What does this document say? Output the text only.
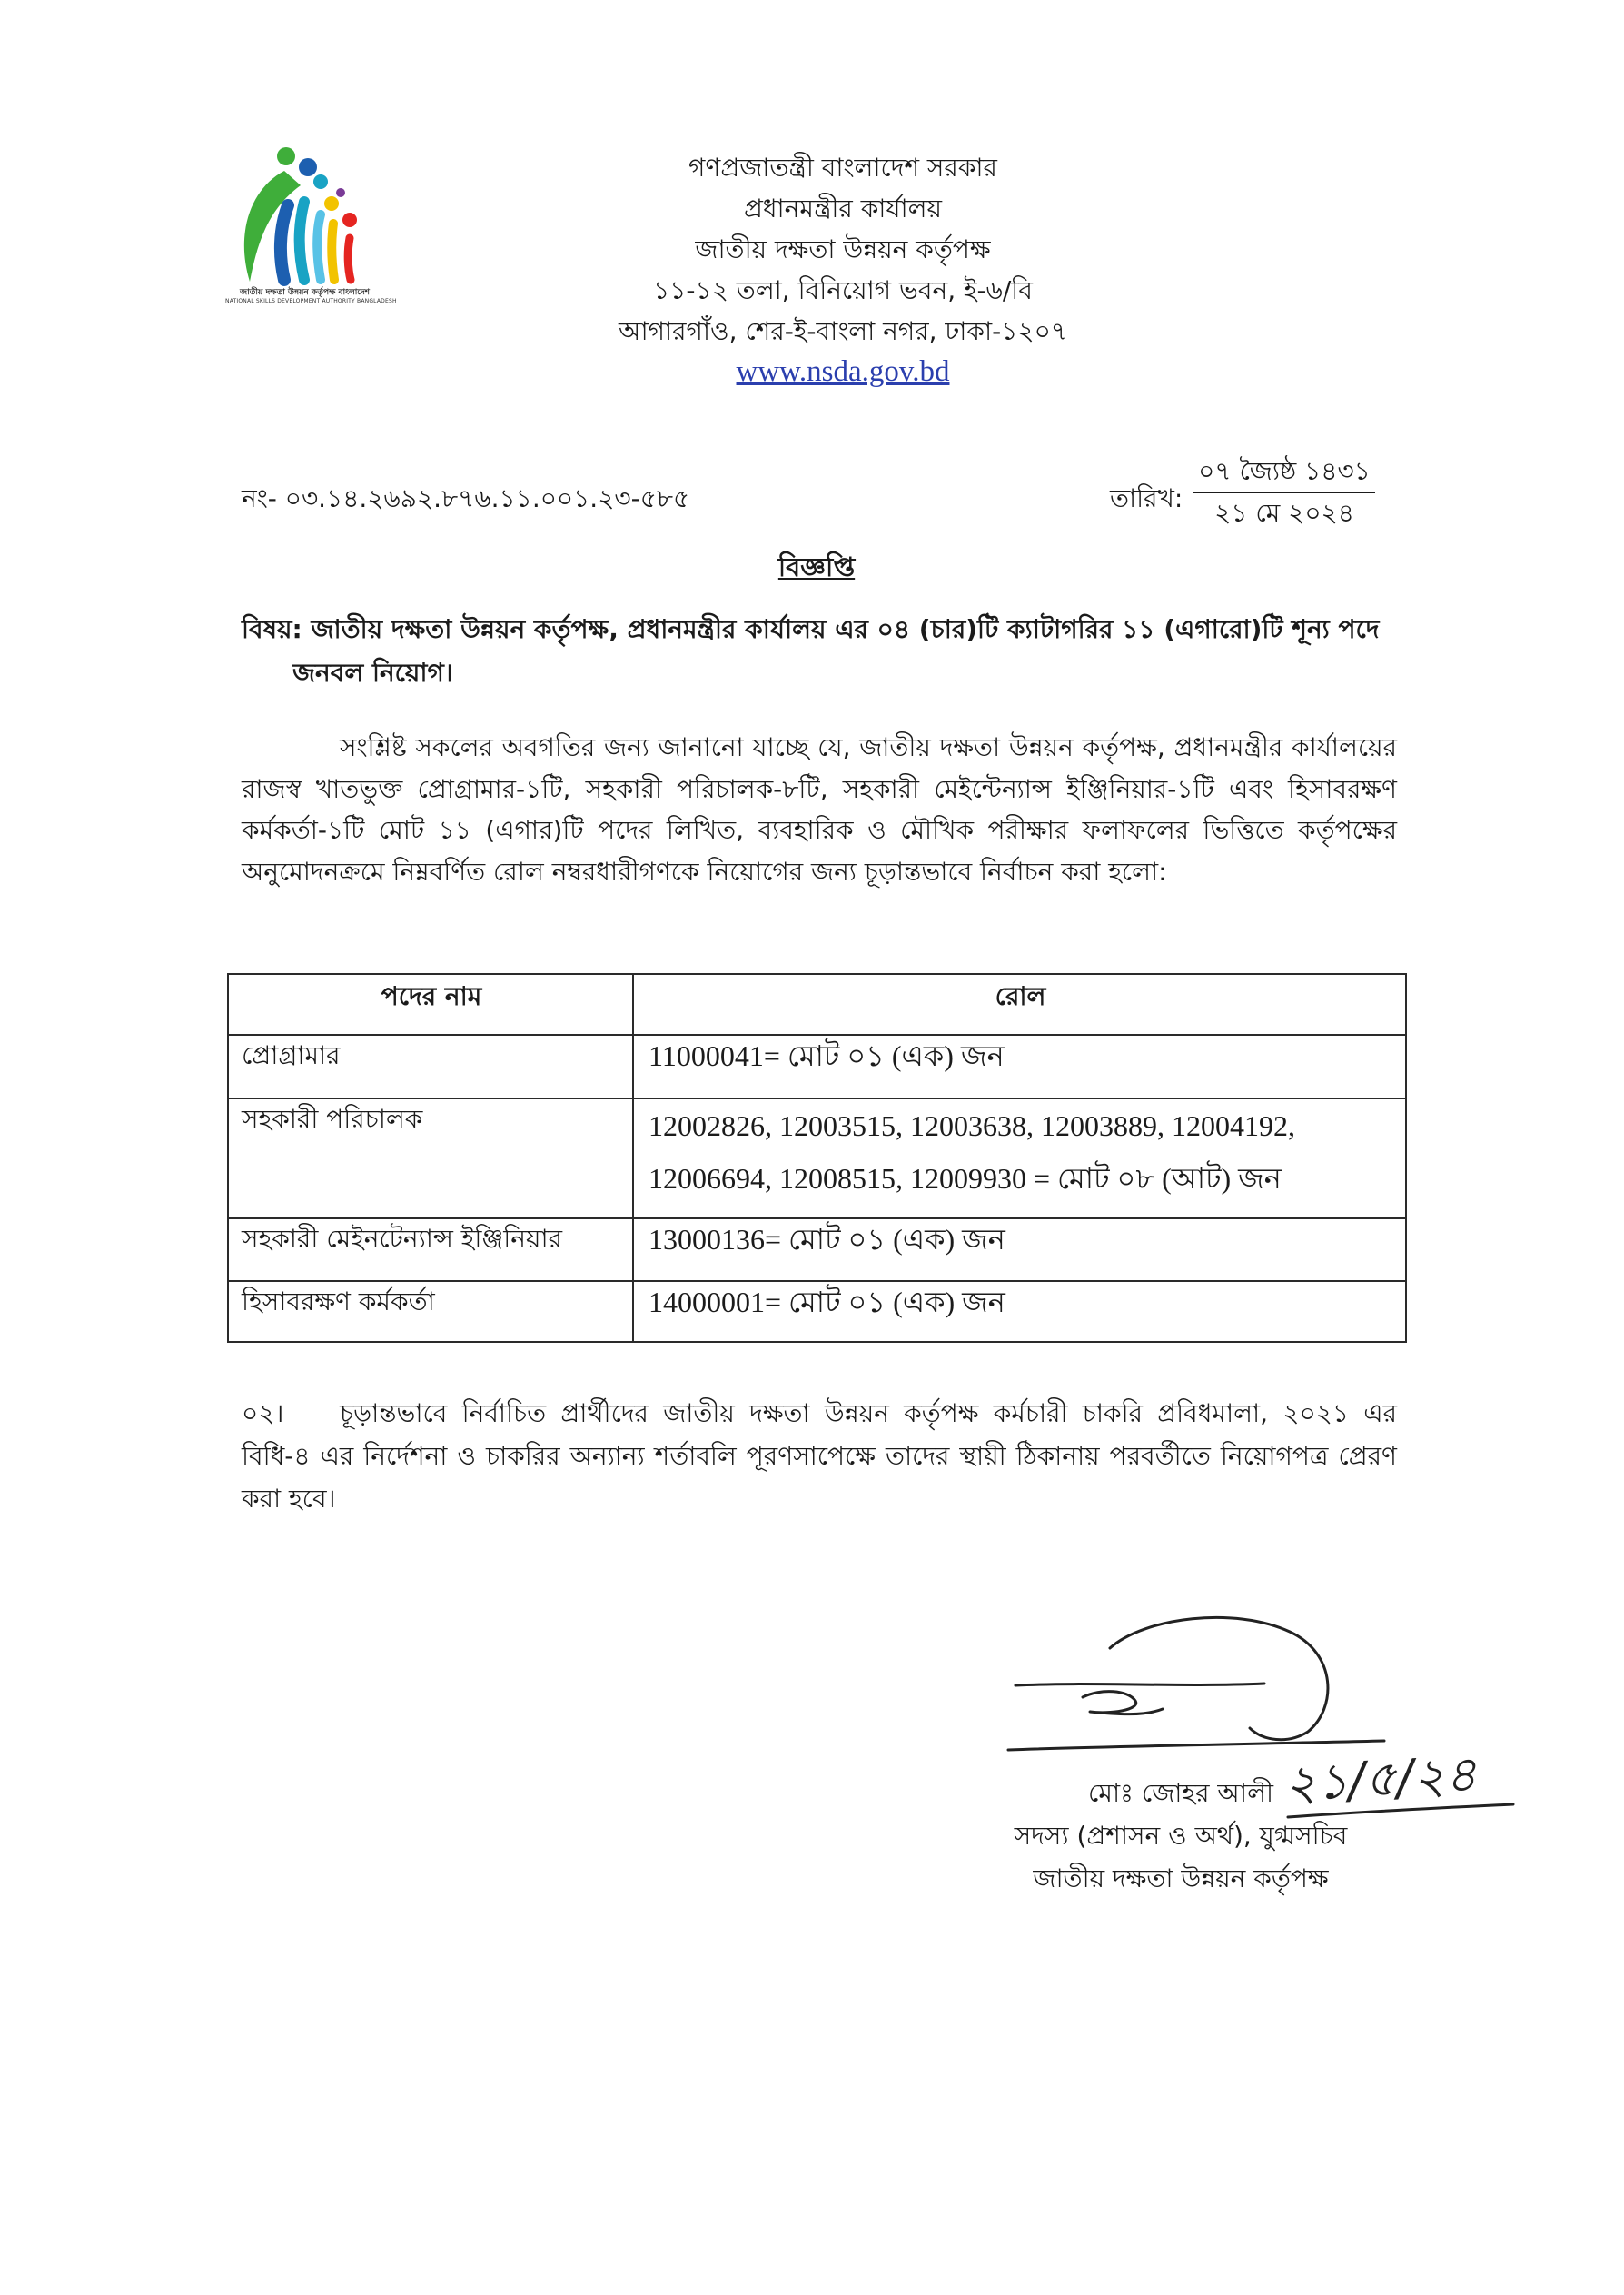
জাতীয় দক্ষতা উন্নয়ন কর্তৃপক্ষ বাংলাদেশ
NATIONAL SKILLS DEVELOPMENT AUTHORITY BANGLADESH
গণপ্রজাতন্ত্রী বাংলাদেশ সরকার
প্রধানমন্ত্রীর কার্যালয়
জাতীয় দক্ষতা উন্নয়ন কর্তৃপক্ষ
১১-১২ তলা, বিনিয়োগ ভবন, ই-৬/বি
আগারগাঁও, শের-ই-বাংলা নগর, ঢাকা-১২০৭
www.nsda.gov.bd
নং- ০৩.১৪.২৬৯২.৮৭৬.১১.০০১.২৩-৫৮৫	তারিখ:
০৭ জ্যৈষ্ঠ ১৪৩১
২১ মে ২০২৪
বিজ্ঞপ্তি
বিষয়: জাতীয় দক্ষতা উন্নয়ন কর্তৃপক্ষ, প্রধানমন্ত্রীর কার্যালয় এর ০৪ (চার)টি ক্যাটাগরির ১১ (এগারো)টি শূন্য পদে জনবল নিয়োগ।
সংশ্লিষ্ট সকলের অবগতির জন্য জানানো যাচ্ছে যে, জাতীয় দক্ষতা উন্নয়ন কর্তৃপক্ষ, প্রধানমন্ত্রীর কার্যালয়ের রাজস্ব খাতভুক্ত প্রোগ্রামার-১টি, সহকারী পরিচালক-৮টি, সহকারী মেইন্টেন্যান্স ইঞ্জিনিয়ার-১টি এবং হিসাবরক্ষণ কর্মকর্তা-১টি মোট ১১ (এগার)টি পদের লিখিত, ব্যবহারিক ও মৌখিক পরীক্ষার ফলাফলের ভিত্তিতে কর্তৃপক্ষের অনুমোদনক্রমে নিম্নবর্ণিত রোল নম্বরধারীগণকে নিয়োগের জন্য চূড়ান্তভাবে নির্বাচন করা হলো:
পদের নাম	রোল
প্রোগ্রামার	11000041= মোট ০১ (এক) জন
সহকারী পরিচালক	12002826, 12003515, 12003638, 12003889, 12004192, 12006694, 12008515, 12009930 = মোট ০৮ (আট) জন
সহকারী মেইনটেন্যান্স ইঞ্জিনিয়ার	13000136= মোট ০১ (এক) জন
হিসাবরক্ষণ কর্মকর্তা	14000001= মোট ০১ (এক) জন
০২। চূড়ান্তভাবে নির্বাচিত প্রার্থীদের জাতীয় দক্ষতা উন্নয়ন কর্তৃপক্ষ কর্মচারী চাকরি প্রবিধমালা, ২০২১ এর বিধি-৪ এর নির্দেশনা ও চাকরির অন্যান্য শর্তাবলি পূরণসাপেক্ষে তাদের স্থায়ী ঠিকানায় পরবর্তীতে নিয়োগপত্র প্রেরণ করা হবে।
২১/৫/২৪
মোঃ জোহর আলী
সদস্য (প্রশাসন ও অর্থ), যুগ্মসচিব
জাতীয় দক্ষতা উন্নয়ন কর্তৃপক্ষ
